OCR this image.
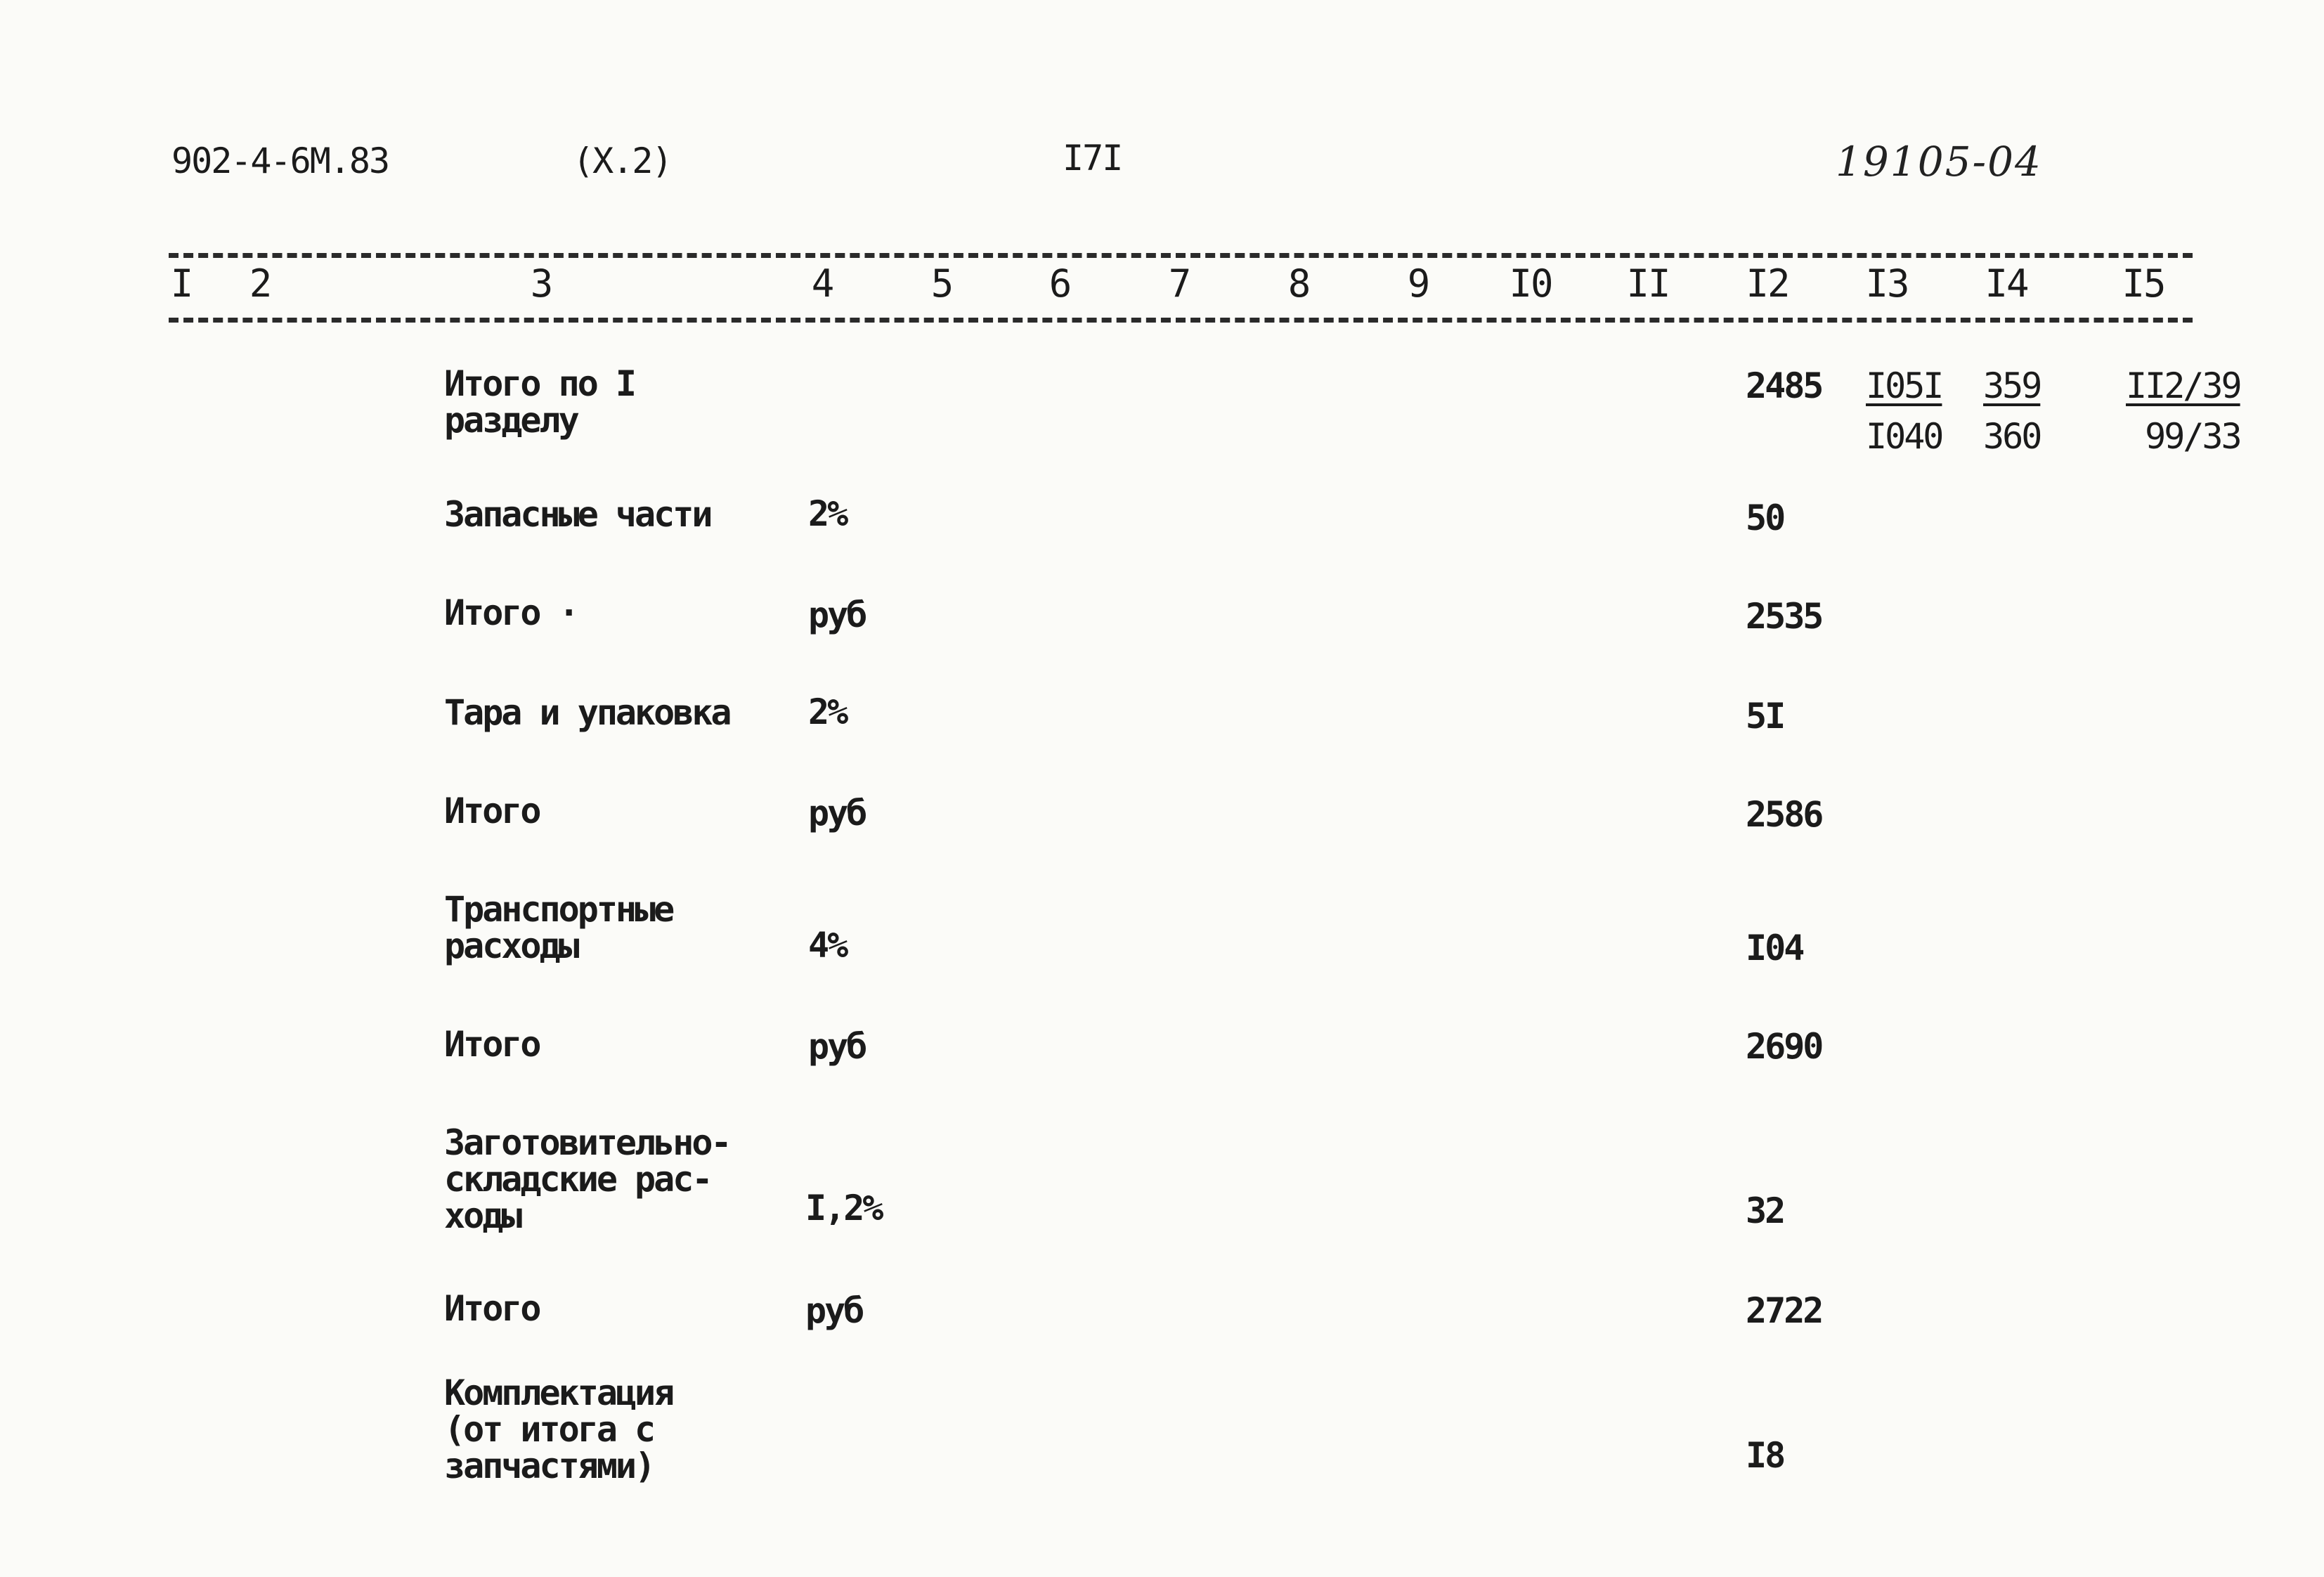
902-4-6M.83	(X.2)	I7I	19105-04
I 2	3	4	5	6	7	8	9 I0 II I2 I3 I4 I5
Итого по I
разделу
$2485 \frac{I05I}{I040} \frac{359}{360} \frac{II2/39}{99/33}$
Запасные части	2%	50
Итого ·	руб	2535
Тара и упаковка 2%	5I
Итого	руб	2586
Транспортные
расходы	4%	I04
Итого	руб	2690
Заготовительно-
складские рас-
ходы	I,2%	32
Итого	руб	2722
Комплектация
(от итога с
запчастями)	I8
